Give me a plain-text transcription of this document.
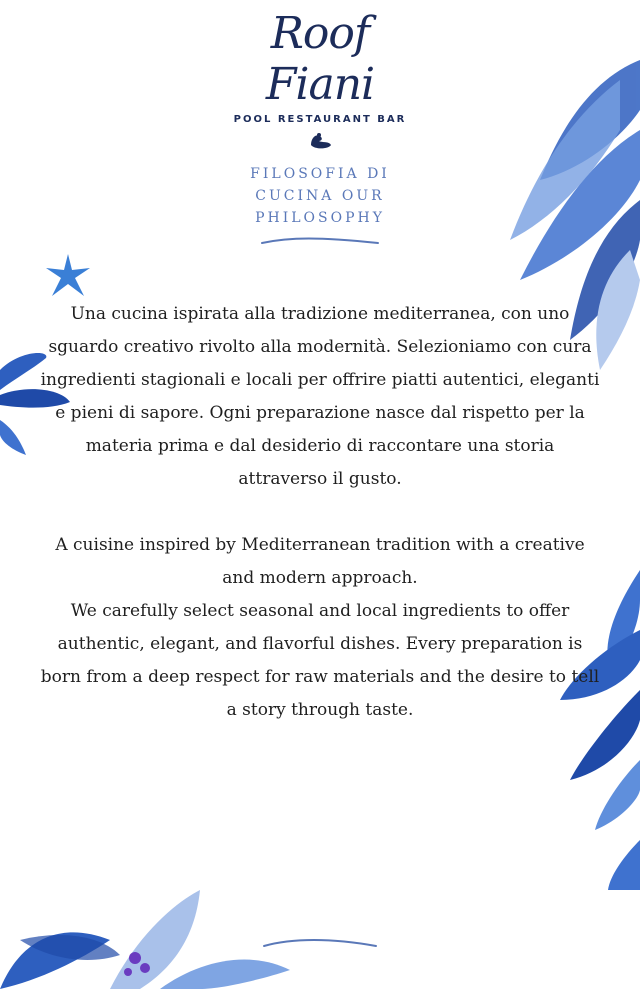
Roof Fiani
POOL RESTAURANT BAR
FILOSOFIA DI CUCINA OUR PHILOSOPHY

Una cucina ispirata alla tradizione mediterranea, con uno sguardo creativo rivolto alla modernità. Selezioniamo con cura ingredienti stagionali e locali per offrire piatti autentici, eleganti e pieni di sapore. Ogni preparazione nasce dal rispetto per la materia prima e dal desiderio di raccontare una storia attraverso il gusto.

A cuisine inspired by Mediterranean tradition with a creative and modern approach.

We carefully select seasonal and local ingredients to offer authentic, elegant, and flavorful dishes. Every preparation is born from a deep respect for raw materials and the desire to tell a story through taste.
